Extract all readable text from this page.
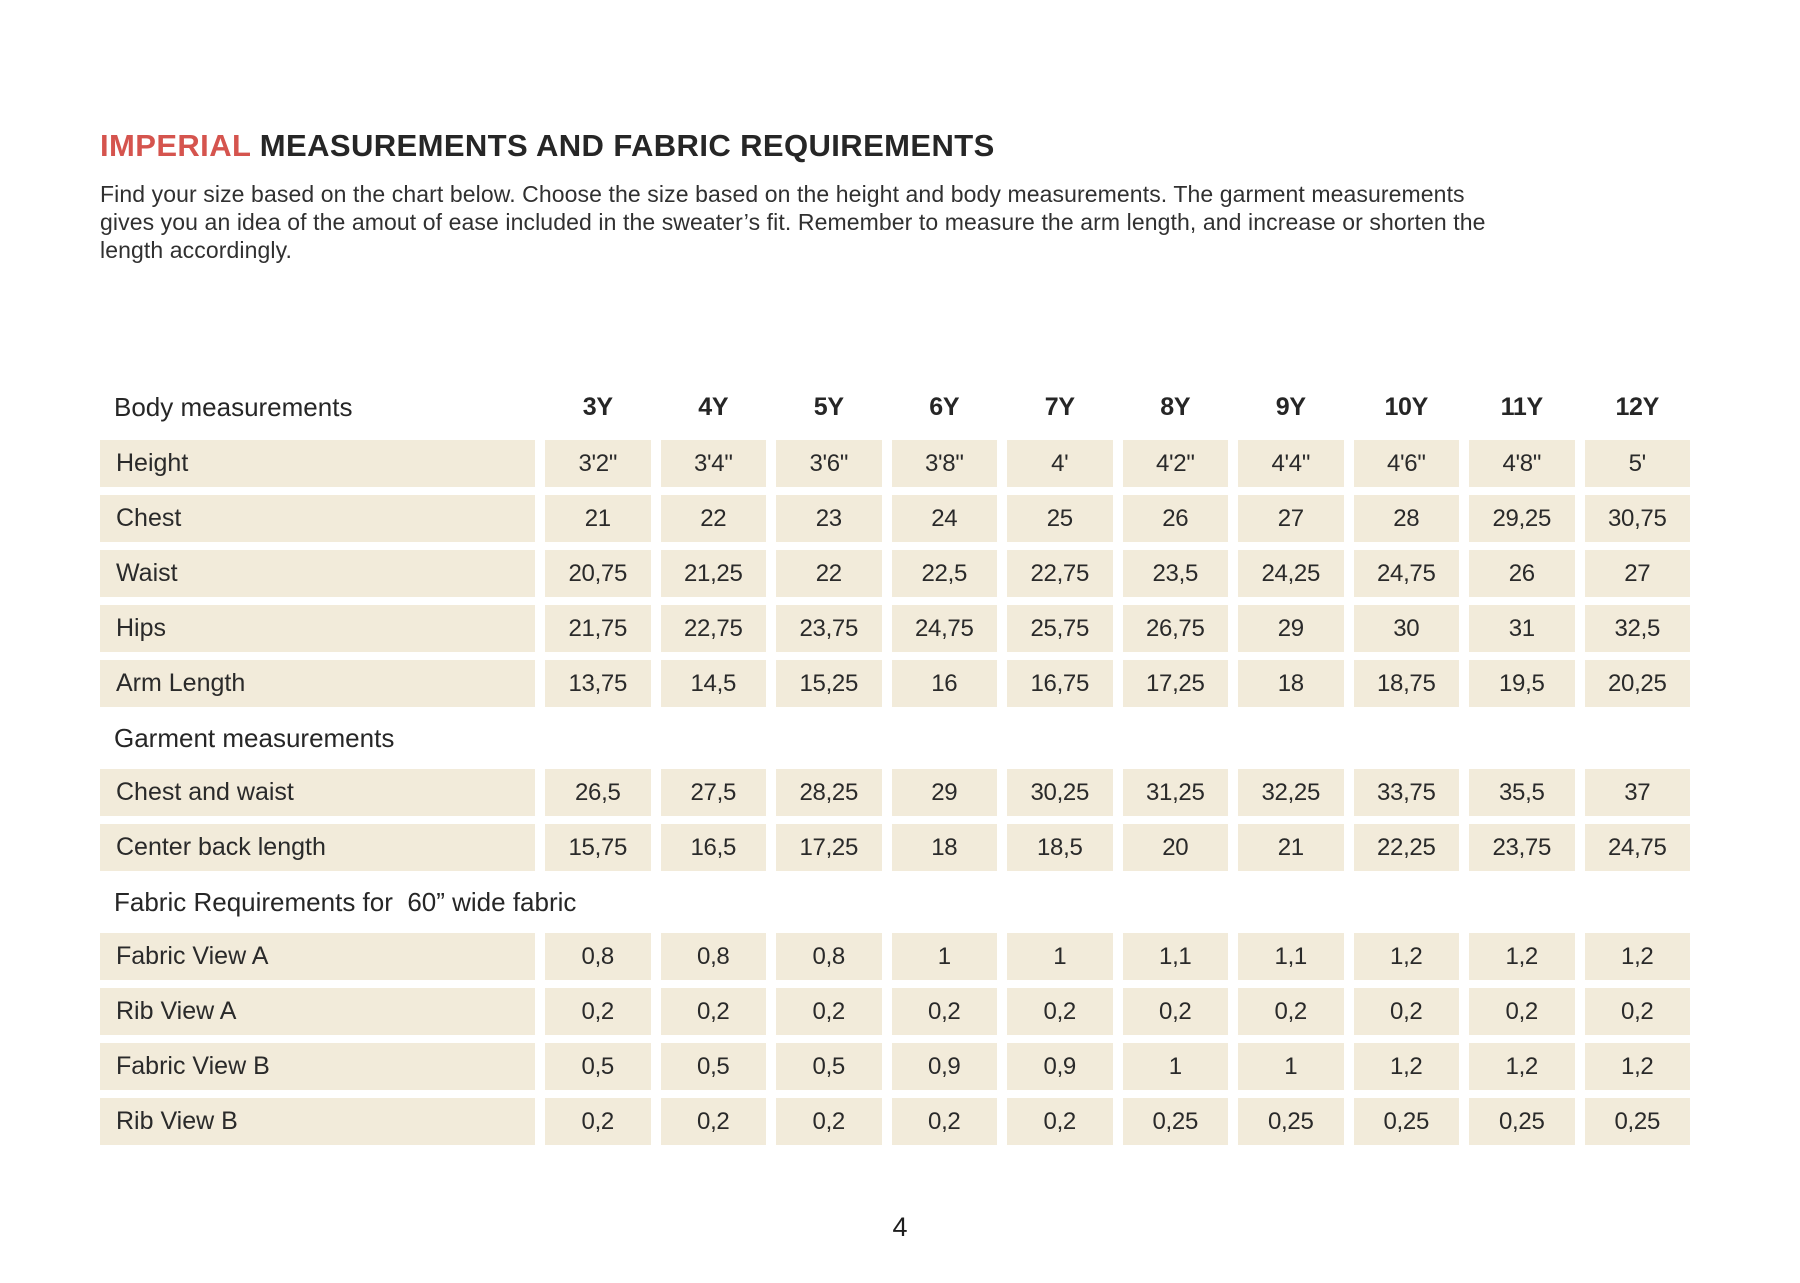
IMPERIAL MEASUREMENTS AND FABRIC REQUIREMENTS
Find your size based on the chart below. Choose the size based on the height and body measurements. The garment measurements
gives you an idea of the amout of ease included in the sweater’s fit. Remember to measure the arm length, and increase or shorten the
length accordingly.
Body measurements	3Y	4Y	5Y	6Y	7Y	8Y	9Y	10Y	11Y	12Y
Height	3'2"	3'4"	3'6"	3'8"	4'	4'2"	4'4"	4'6"	4'8"	5'
Chest	21	22	23	24	25	26	27	28	29,25	30,75
Waist	20,75	21,25	22	22,5	22,75	23,5	24,25	24,75	26	27
Hips	21,75	22,75	23,75	24,75	25,75	26,75	29	30	31	32,5
Arm Length	13,75	14,5	15,25	16	16,75	17,25	18	18,75	19,5	20,25
Garment measurements
Chest and waist	26,5	27,5	28,25	29	30,25	31,25	32,25	33,75	35,5	37
Center back length	15,75	16,5	17,25	18	18,5	20	21	22,25	23,75	24,75
Fabric Requirements for  60” wide fabric
Fabric View A	0,8	0,8	0,8	1	1	1,1	1,1	1,2	1,2	1,2
Rib View A	0,2	0,2	0,2	0,2	0,2	0,2	0,2	0,2	0,2	0,2
Fabric View B	0,5	0,5	0,5	0,9	0,9	1	1	1,2	1,2	1,2
Rib View B	0,2	0,2	0,2	0,2	0,2	0,25	0,25	0,25	0,25	0,25
4
